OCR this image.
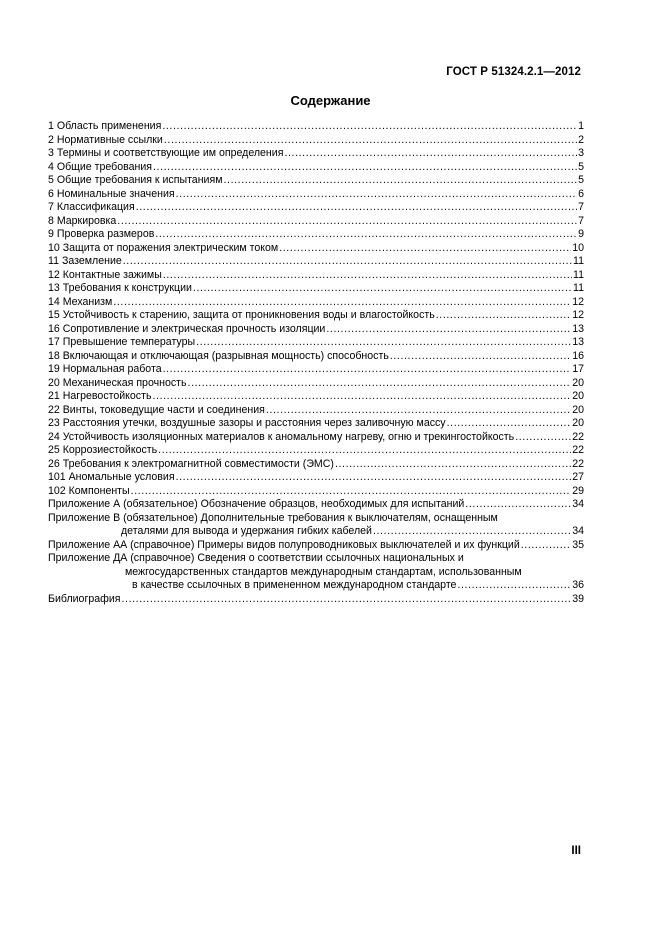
ГОСТ Р 51324.2.1—2012
Содержание
1 Область применения .....	1
2 Нормативные ссылки .....	2
3 Термины и соответствующие им определения .....	3
4 Общие требования .....	5
5 Общие требования к испытаниям .....	5
6 Номинальные значения .....	6
7 Классификация .....	7
8 Маркировка .....	7
9 Проверка размеров .....	9
10 Защита от поражения электрическим током .....	10
11 Заземление .....	11
12 Контактные зажимы .....	11
13 Требования к конструкции .....	11
14 Механизм .....	12
15 Устойчивость к старению, защита от проникновения воды и влагостойкость .....	12
16 Сопротивление и электрическая прочность изоляции .....	13
17 Превышение температуры .....	13
18 Включающая и отключающая (разрывная мощность) способность .....	16
19 Нормальная работа .....	17
20 Механическая прочность .....	20
21 Нагревостойкость .....	20
22 Винты, токоведущие части и соединения .....	20
23 Расстояния утечки, воздушные зазоры и расстояния через заливочную массу .....	20
24 Устойчивость изоляционных материалов к аномальному нагреву, огню и трекингостойкость .....	22
25 Коррозиестойкость .....	22
26 Требования к электромагнитной совместимости (ЭМС) .....	22
101 Аномальные условия .....	27
102 Компоненты .....	29
Приложение А (обязательное) Обозначение образцов, необходимых для испытаний .....	34
Приложение В (обязательное) Дополнительные требования к выключателям, оснащенным
деталями для вывода и удержания гибких кабелей .....	34
Приложение АА (справочное) Примеры видов полупроводниковых выключателей и их функций .....	35
Приложение ДА (справочное) Сведения о соответствии ссылочных национальных и
межгосударственных стандартов международным стандартам, использованным
в качестве ссылочных в примененном международном стандарте .....	36
Библиография .....	39
III
